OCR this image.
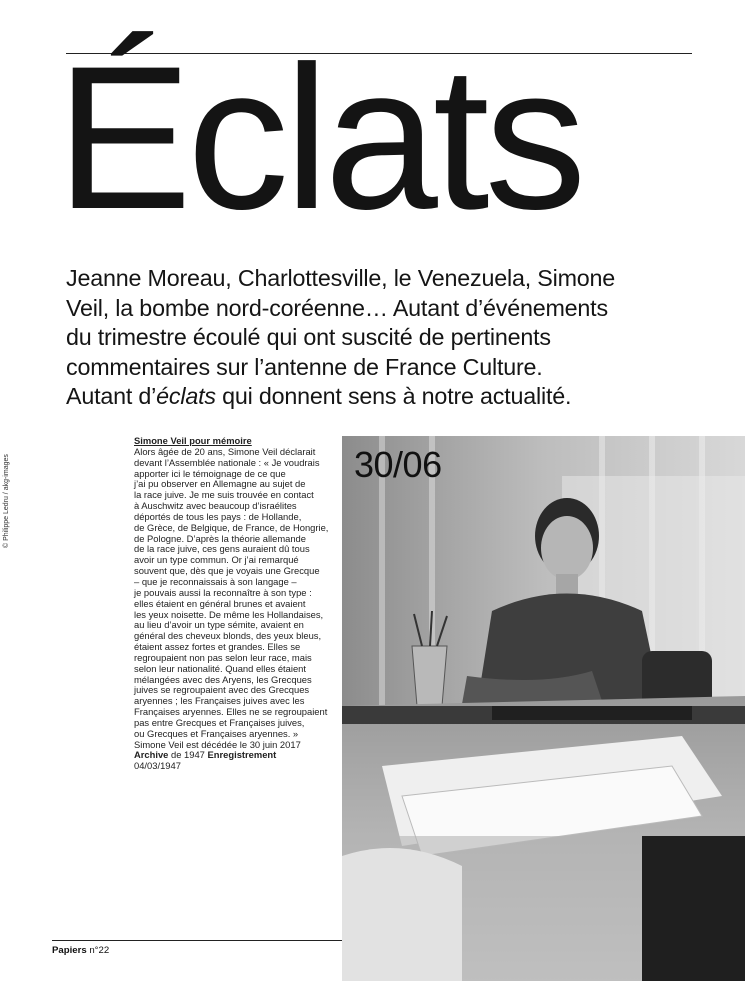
Éclats

Jeanne Moreau, Charlottesville, le Venezuela, Simone

Veil, la bombe nord-coréenne… Autant d’événements

du trimestre écoulé qui ont suscité de pertinents

commentaires sur l’antenne de France Culture.

Autant d’éclats qui donnent sens à notre actualité.

© Philippe Ledru / akg-images
Simone Veil pour mémoire

Alors âgée de 20 ans, Simone Veil déclarait
devant l’Assemblée nationale : « Je voudrais
apporter ici le témoignage de ce que
j’ai pu observer en Allemagne au sujet de
la race juive. Je me suis trouvée en contact
à Auschwitz avec beaucoup d’israélites
déportés de tous les pays : de Hollande,
de Grèce, de Belgique, de France, de Hongrie,
de Pologne. D’après la théorie allemande
de la race juive, ces gens auraient dû tous
avoir un type commun. Or j’ai remarqué
souvent que, dès que je voyais une Grecque
– que je reconnaissais à son langage –
je pouvais aussi la reconnaître à son type :
elles étaient en général brunes et avaient
les yeux noisette. De même les Hollandaises,
au lieu d’avoir un type sémite, avaient en
général des cheveux blonds, des yeux bleus,
étaient assez fortes et grandes. Elles se
regroupaient non pas selon leur race, mais
selon leur nationalité. Quand elles étaient
mélangées avec des Aryens, les Grecques
juives se regroupaient avec des Grecques
aryennes ; les Françaises juives avec les
Françaises aryennes. Elles ne se regroupaient
pas entre Grecques et Françaises juives,
ou Grecques et Françaises aryennes. »
Simone Veil est décédée le 30 juin 2017

Archive de 1947 Enregistrement
04/03/1947
30/06
Papiers n°22
